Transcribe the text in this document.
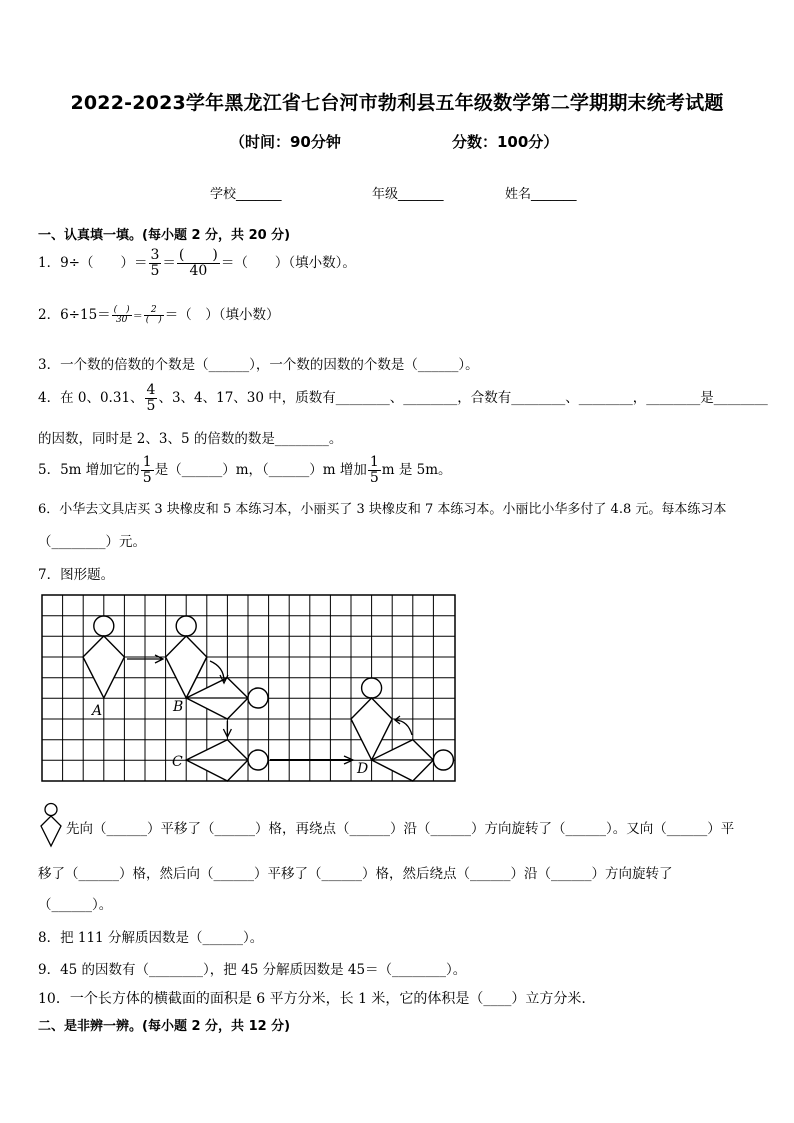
2022-2023学年黑龙江省七台河市勃利县五年级数学第二学期期末统考试题
（时间：90分钟	分数：100分）
学校_______	年级_______	姓名_______
一、认真填一填。(每小题 2 分，共 20 分)
1．9÷（　　）＝ $\frac{3}{5} = \frac{( )}{40}$ ＝（　　）（填小数）。
2．$6\div 15= \frac{( )}{30} = \frac{2}{( )}$ ＝（　）（填小数）
3．一个数的倍数的个数是（______），一个数的因数的个数是（______）。
4．在 0、0.31、 $\frac{4}{5}$ 、3、4、17、30 中，质数有________、________，合数有________、________，________是________
的因数，同时是 2、3、5 的倍数的数是________。
5．5m 增加它的 $\frac{1}{5}$ 是（______）m，（______）m 增加 $\frac{1}{5}$ m 是 5m。
6．小华去文具店买 3 块橡皮和 5 本练习本，小丽买了 3 块橡皮和 7 本练习本。小丽比小华多付了 4.8 元。每本练习本
（________）元。
7．图形题。
A	B
C	D
先向（______）平移了（______）格，再绕点（______）沿（______）方向旋转了（______）。又向（______）平
移了（______）格，然后向（______）平移了（______）格，然后绕点（______）沿（______）方向旋转了
（______）。
8．把 111 分解质因数是（______）。
9．45 的因数有（________），把 45 分解质因数是 45＝（________）。
10．一个长方体的横截面的面积是 6 平方分米，长 1 米，它的体积是（____）立方分米.
二、是非辨一辨。(每小题 2 分，共 12 分)
